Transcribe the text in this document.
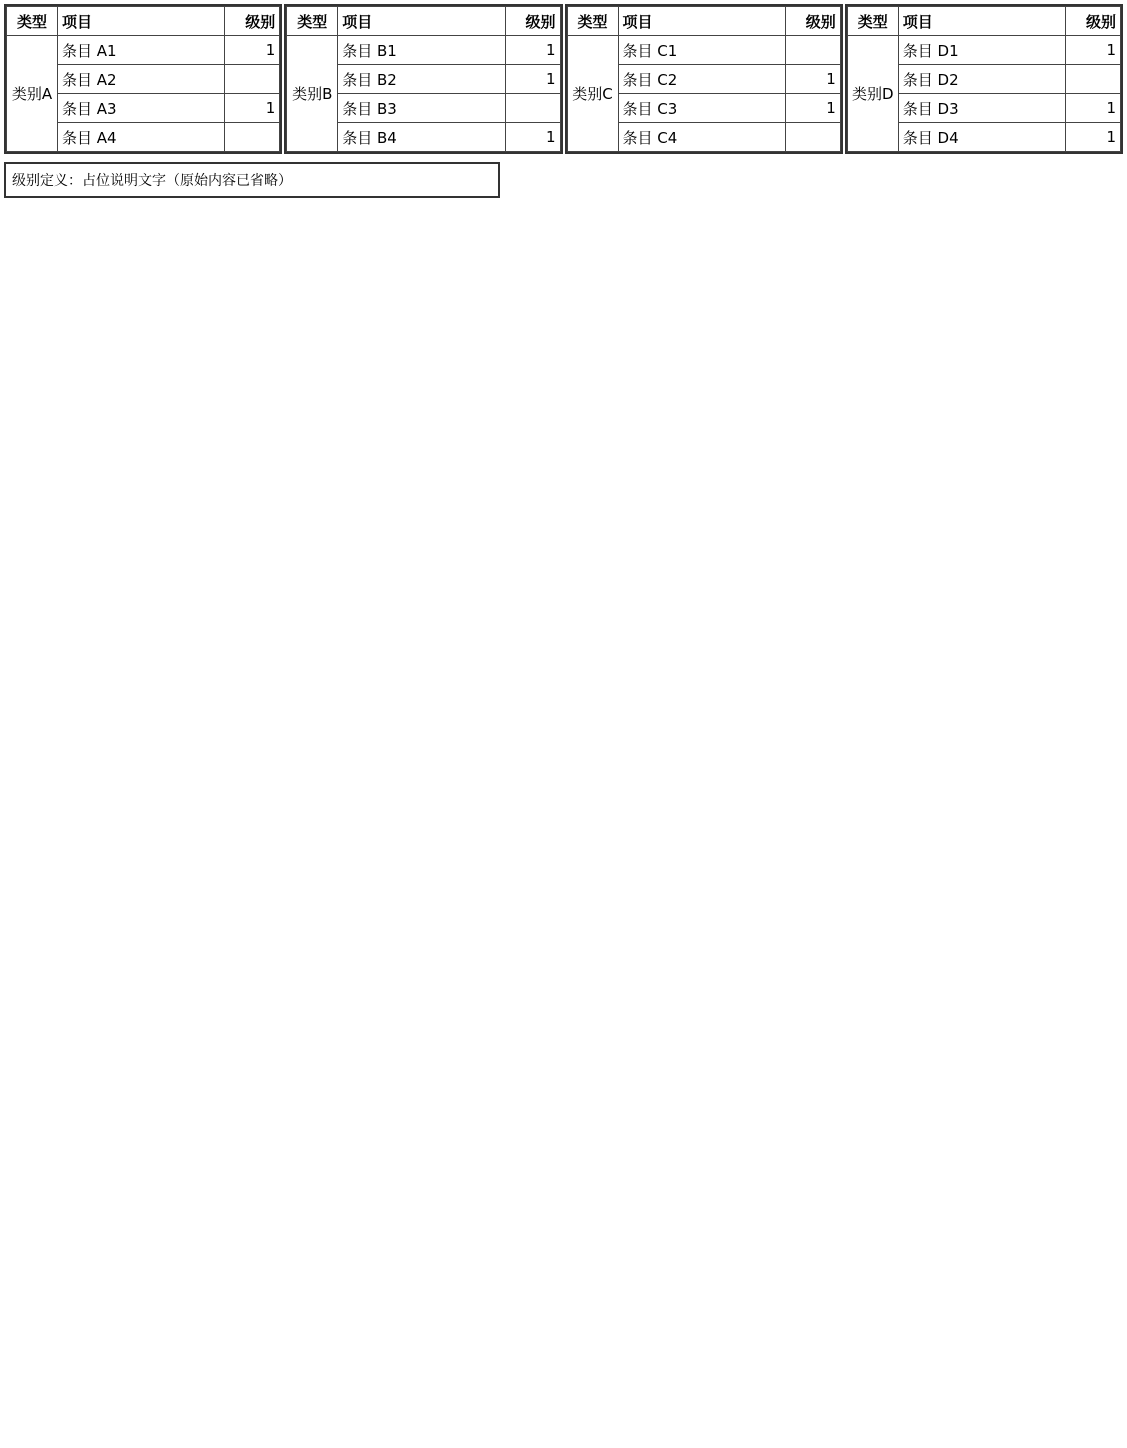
类型	项目	级别
类别A	条目 A1	1
	条目 A2	
	条目 A3	1
	条目 A4	
类型	项目	级别
类别B	条目 B1	1
	条目 B2	1
	条目 B3	
	条目 B4	1
类型	项目	级别
类别C	条目 C1	
	条目 C2	1
	条目 C3	1
	条目 C4	
类型	项目	级别
类别D	条目 D1	1
	条目 D2	
	条目 D3	1
	条目 D4	1
级别定义：占位说明文字（原始内容已省略）
